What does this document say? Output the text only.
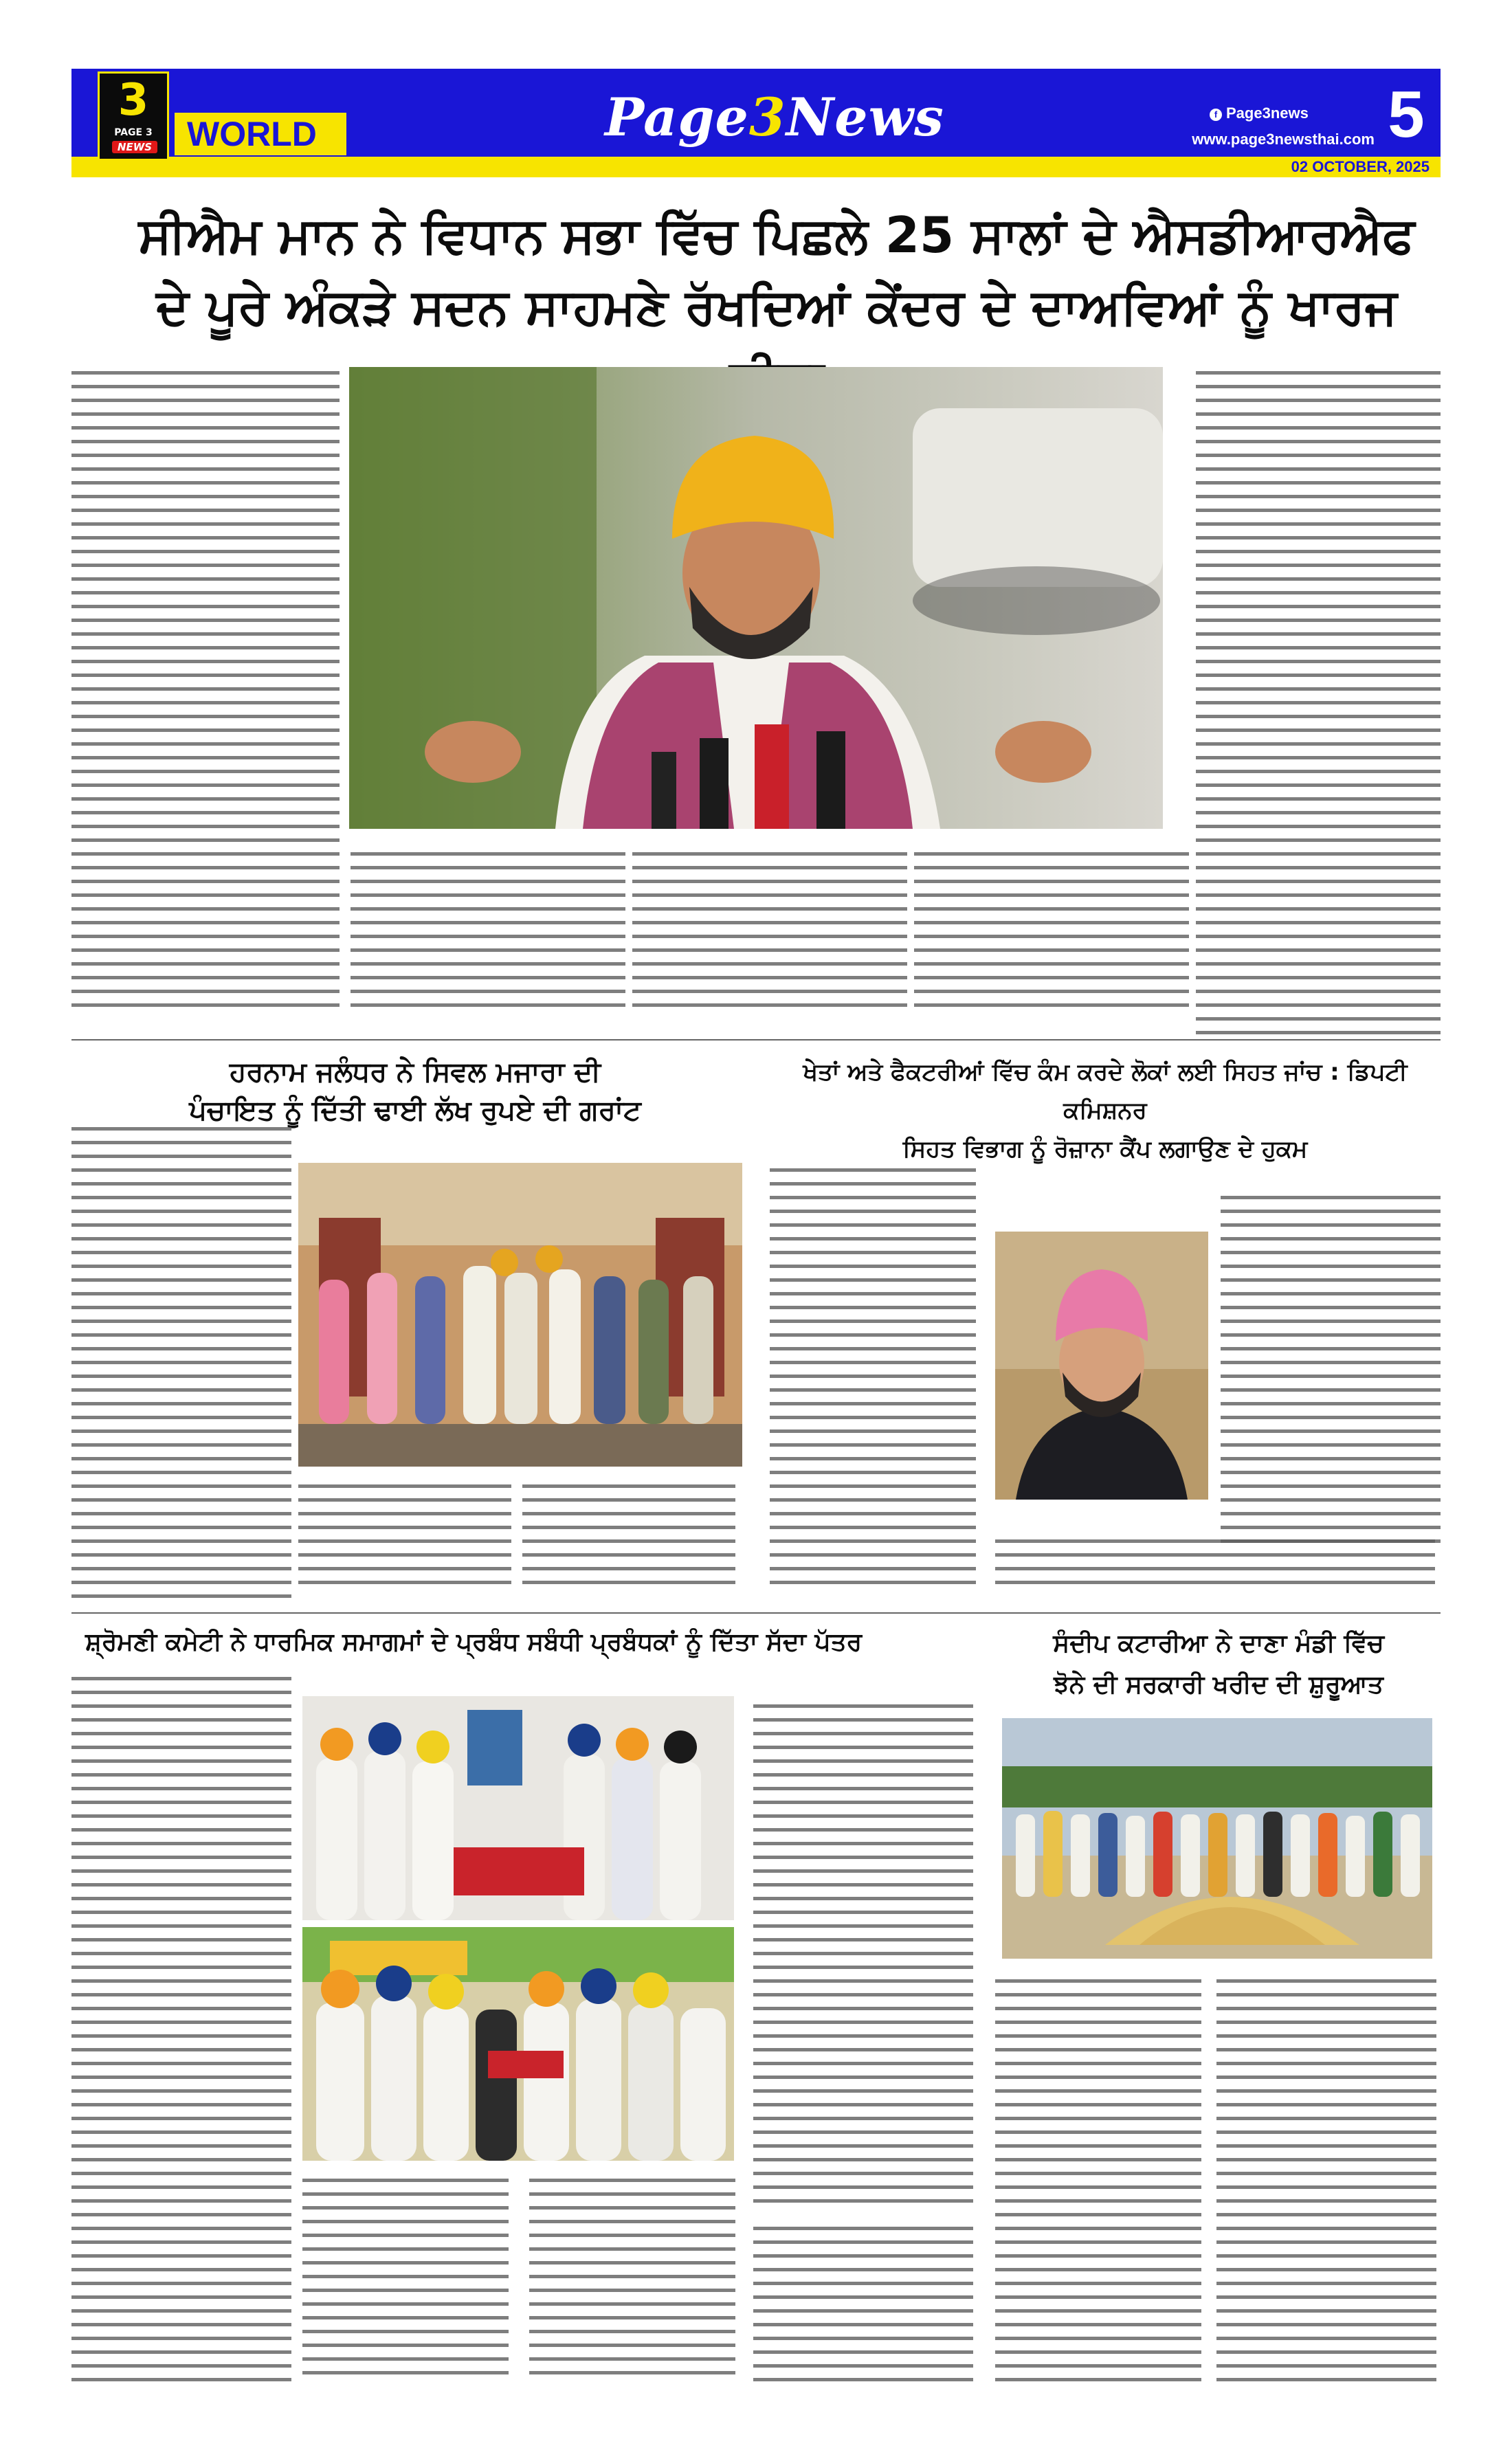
3
PAGE 3
NEWS	WORLD	Page3News	f Page3news
www.page3newsthai.com
02 OCTOBER, 2025
5
ਸੀਐਮ ਮਾਨ ਨੇ ਵਿਧਾਨ ਸਭਾ ਵਿੱਚ ਪਿਛਲੇ 25 ਸਾਲਾਂ ਦੇ ਐਸਡੀਆਰਐਫ
ਦੇ ਪੂਰੇ ਅੰਕੜੇ ਸਦਨ ਸਾਹਮਣੇ ਰੱਖਦਿਆਂ ਕੇਂਦਰ ਦੇ ਦਾਅਵਿਆਂ ਨੂੰ ਖਾਰਜ
ਹਰਨਾਮ ਜਲੰਧਰ ਨੇ ਸਿਵਲ ਮਜਾਰਾ ਦੀ
ਪੰਚਾਇਤ ਨੂੰ ਦਿੱਤੀ ਢਾਈ ਲੱਖ ਰੁਪਏ ਦੀ ਗਰਾਂਟ
ਖੇਤਾਂ ਅਤੇ ਫੈਕਟਰੀਆਂ ਵਿੱਚ ਕੰਮ ਕਰਦੇ ਲੋਕਾਂ ਲਈ ਸਿਹਤ ਜਾਂਚ : ਡਿਪਟੀ ਕਮਿਸ਼ਨਰ
ਸਿਹਤ ਵਿਭਾਗ ਨੂੰ ਰੋਜ਼ਾਨਾ ਕੈਂਪ ਲਗਾਉਣ ਦੇ ਹੁਕਮ
ਸ਼੍ਰੋਮਣੀ ਕਮੇਟੀ ਨੇ ਧਾਰਮਿਕ ਸਮਾਗਮਾਂ ਦੇ ਪ੍ਰਬੰਧ ਸਬੰਧੀ ਪ੍ਰਬੰਧਕਾਂ ਨੂੰ ਦਿੱਤਾ ਸੱਦਾ ਪੱਤਰ	ਸੰਦੀਪ ਕਟਾਰੀਆ ਨੇ ਦਾਣਾ ਮੰਡੀ ਵਿੱਚ
ਝੋਨੇ ਦੀ ਸਰਕਾਰੀ ਖਰੀਦ ਦੀ ਸ਼ੁਰੂਆਤ
